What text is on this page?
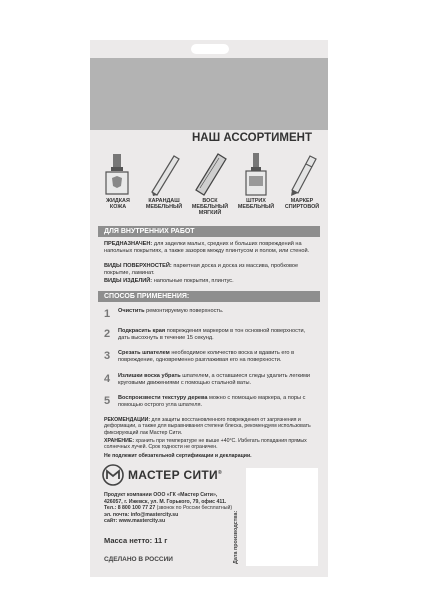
НАШ АССОРТИМЕНТ
ЖИДКАЯ
КОЖА
КАРАНДАШ
МЕБЕЛЬНЫЙ
ВОСК МЕБЕЛЬНЫЙ
МЯГКИЙ
ШТРИХ
МЕБЕЛЬНЫЙ
МАРКЕР
СПИРТОВОЙ
ДЛЯ ВНУТРЕННИХ РАБОТ
ПРЕДНАЗНАЧЕН: для заделки малых, средних и больших повреждений на напольных покрытиях, а также зазоров между плинтусом и полом, или стеной.
ВИДЫ ПОВЕРХНОСТЕЙ: паркетная доска и доска из массива, пробковое покрытие, ламинат.
ВИДЫ ИЗДЕЛИЙ: напольные покрытия, плинтус.
СПОСОБ ПРИМЕНЕНИЯ:
1 Очистить ремонтируемую поверхность.
2 Подкрасить края повреждения маркером в тон основной поверхности, дать высохнуть в течение 15 секунд.
3 Срезать шпателем необходимое количество воска и вдавить его в повреждение, одновременно разглаживая его на поверхности.
4 Излишки воска убрать шпателем, а оставшиеся следы удалить легкими круговыми движениями с помощью стальной ваты.
5 Воспроизвести текстуру дерева можно с помощью маркера, а поры с помощью острого угла шпателя.
РЕКОМЕНДАЦИИ: для защиты восстановленного повреждения от загрязнения и деформации, а также для выравнивания степени блеска, рекомендуем использовать фиксирующий лак Мастер Сити.
ХРАНЕНИЕ: хранить при температуре не выше +40°С. Избегать попадания прямых солнечных лучей. Срок годности не ограничен.
Не подлежит обязательной сертификации и декларации.
МАСТЕР СИТИ®
Продукт компании ООО «ГК «Мастер Сити»,
426057, г. Ижевск, ул. М. Горького, 79, офис 411.
Тел.: 8 800 100 77 27 (звонок по России бесплатный)
эл. почта: info@mastercity.su
сайт: www.mastercity.su
Масса нетто: 11 г
СДЕЛАНО В РОССИИ	Дата производства:
